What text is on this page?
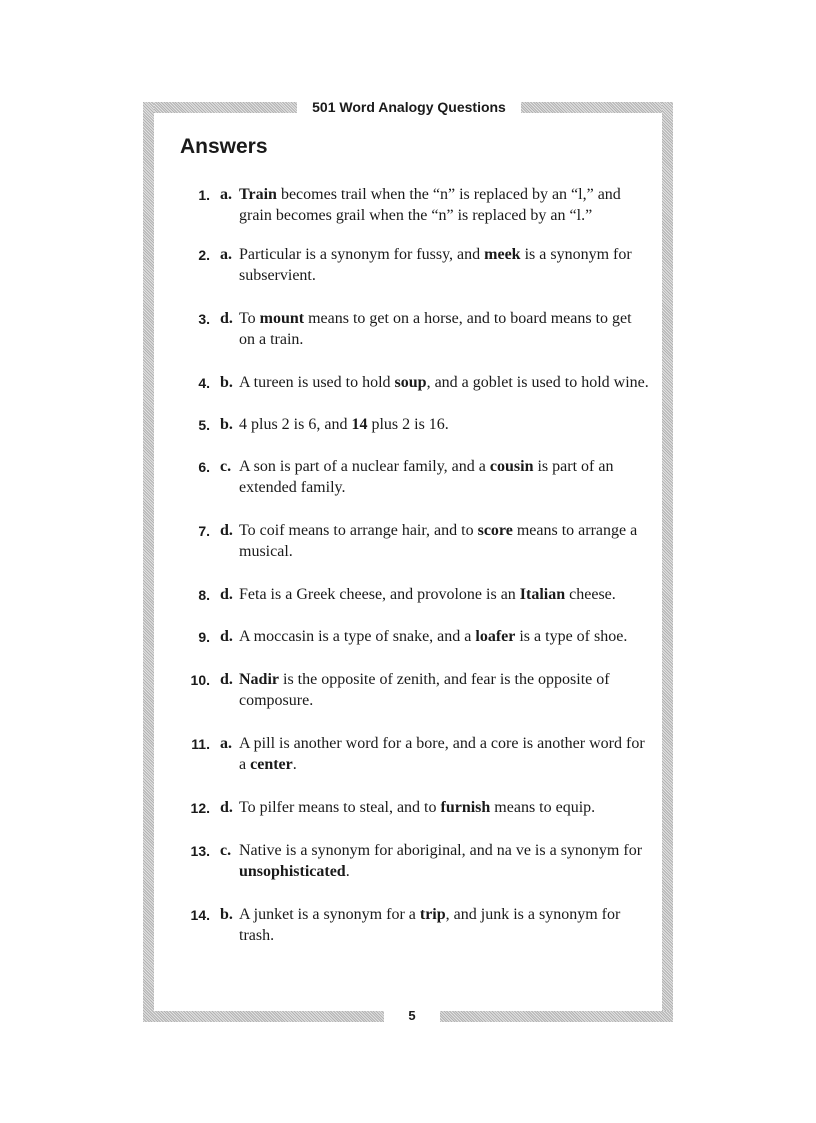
501 Word Analogy Questions
Answers
1. a. Train becomes trail when the “n” is replaced by an “l,” and grain becomes grail when the “n” is replaced by an “l.”
2. a. Particular is a synonym for fussy, and meek is a synonym for subservient.
3. d. To mount means to get on a horse, and to board means to get on a train.
4. b. A tureen is used to hold soup, and a goblet is used to hold wine.
5. b. 4 plus 2 is 6, and 14 plus 2 is 16.
6. c. A son is part of a nuclear family, and a cousin is part of an extended family.
7. d. To coif means to arrange hair, and to score means to arrange a musical.
8. d. Feta is a Greek cheese, and provolone is an Italian cheese.
9. d. A moccasin is a type of snake, and a loafer is a type of shoe.
10. d. Nadir is the opposite of zenith, and fear is the opposite of composure.
11. a. A pill is another word for a bore, and a core is another word for a center.
12. d. To pilfer means to steal, and to furnish means to equip.
13. c. Native is a synonym for aboriginal, and na ve is a synonym for unsophisticated.
14. b. A junket is a synonym for a trip, and junk is a synonym for trash.
5
